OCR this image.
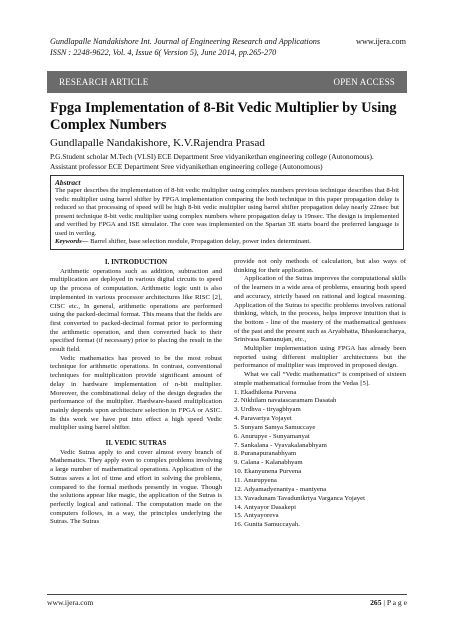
Gundlapalle Nandakishore Int. Journal of Engineering Research and Applications	www.ijera.com
ISSN : 2248-9622, Vol. 4, Issue 6( Version 5), June 2014, pp.265-270
RESEARCH ARTICLE	OPEN ACCESS
Fpga Implementation of 8-Bit Vedic Multiplier by Using Complex Numbers
Gundlapalle Nandakishore, K.V.Rajendra Prasad
P.G.Student scholar M.Tech (VLSI) ECE Department Sree vidyanikethan engineering college (Autonomous).
Assistant professor ECE Department Sree vidyanikethan engineering college (Autonomous)
Abstract
The paper describes the implementation of 8-bit vedic multiplier using complex numbers previous technique describes that 8-bit vedic multiplier using barrel shifter by FPGA implementation comparing the both technique in this paper propagation delay is reduced so that processing of speed will be high 8-bit vedic multiplier using barrel shifter propagation delay nearly 22nsec but present technique 8-bit vedic multiplier using complex numbers where propagation delay is 19nsec. The design is implemented and verified by FPGA and ISE simulator. The core was implemented on the Spartan 3E starts board the preferred language is used in verilog.
Keywords— Barrel shifter, base selection module, Propagation delay, power index determinant.
I. INTRODUCTION

Arithmetic operations such as addition, subtraction and multiplication are deployed in various digital circuits to speed up the process of computation. Arithmetic logic unit is also implemented in various processor architectures like RISC [2], CISC etc., In general, arithmetic operations are performed using the packed-decimal format. This means that the fields are first converted to packed-decimal format prior to performing the arithmetic operation, and then converted back to their specified format (if necessary) prior to placing the result in the result field.

Vedic mathematics has proved to be the most robust technique for arithmetic operations. In contrast, conventional techniques for multiplication provide significant amount of delay in hardware implementation of n-bit multiplier. Moreover, the combinational delay of the design degrades the performance of the multiplier. Hardware-based multiplication mainly depends upon architecture selection in FPGA or ASIC. In this work we have put into effect a high speed Vedic multiplier using barrel shifter.

II. VEDIC SUTRAS

Vedic Sutras apply to and cover almost every branch of Mathematics. They apply even to complex problems involving a large number of mathematical operations. Application of the Sutras saves a lot of time and effort in solving the problems, compared to the formal methods presently in vogue. Though the solutions appear like magic, the application of the Sutras is perfectly logical and rational. The computation made on the computers follows, in a way, the principles underlying the Sutras. The Sutras

provide not only methods of calculation, but also ways of thinking for their application.

Application of the Sutras improves the computational skills of the learners in a wide area of problems, ensuring both speed and accuracy, strictly based on rational and logical reasoning. Application of the Sutras to specific problems involves rational thinking, which, in the process, helps improve intuition that is the bottom - line of the mastery of the mathematical geniuses of the past and the present such as Aryabhatta, Bhaskaracharya, Srinivasa Ramanujan, etc.,

Multiplier implementation using FPGA has already been reported using different multiplier architectures but the performance of multiplier was improved in proposed design.

What we call “Vedic mathematics” is comprised of sixteen simple mathematical formulae from the Vedas [5].

1. Ekadhikena Purvena
2. Nikhilam navatascaramam Dasatah
3. Urdhva - tiryagbhyam
4. Paravartya Yojayet
5. Sunyam Samya Samuccaye
6. Anurupye - Sunyamanyat
7. Sankalana - Vyavakalanabhyam
8. Puranapuranabhyam
9. Calana - Kalanabhyam
10. Ekanyunena Purvena
11. Anurupyena
12. Adyamadyenantya - mantyena
13. Yavadunam Tavadunikrtya Varganca Yojayet
14. Antyayor Dasakepi
15. Antyayoreva
16. Gunita Samuccayah.
www.ijera.com	265 | P a g e
